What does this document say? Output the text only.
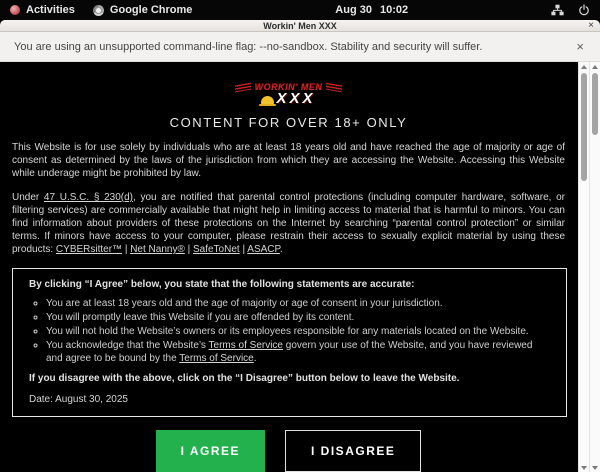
Activities	Google Chrome	Aug 30 10:02
Workin' Men XXX	×
You are using an unsupported command-line flag: --no-sandbox. Stability and security will suffer.	×
WORKIN’ MEN
XXX
CONTENT FOR OVER 18+ ONLY

This Website is for use solely by individuals who are at least 18 years old and have reached the age of majority or age of consent as determined by the laws of the jurisdiction from which they are accessing the Website. Accessing this Website while underage might be prohibited by law.

Under 47 U.S.C. § 230(d), you are notified that parental control protections (including computer hardware, software, or filtering services) are commercially available that might help in limiting access to material that is harmful to minors. You can find information about providers of these protections on the Internet by searching “parental control protection” or similar terms. If minors have access to your computer, please restrain their access to sexually explicit material by using these products: CYBERsitter™ | Net Nanny® | SafeToNet | ASACP.

By clicking “I Agree” below, you state that the following statements are accurate:
◦ You are at least 18 years old and the age of majority or age of consent in your jurisdiction.
◦ You will promptly leave this Website if you are offended by its content.
◦ You will not hold the Website’s owners or its employees responsible for any materials located on the Website.
◦ You acknowledge that the Website’s Terms of Service govern your use of the Website, and you have reviewed and agree to be bound by the Terms of Service.
If you disagree with the above, click on the “I Disagree” button below to leave the Website.
Date: August 30, 2025
I AGREE	I DISAGREE
